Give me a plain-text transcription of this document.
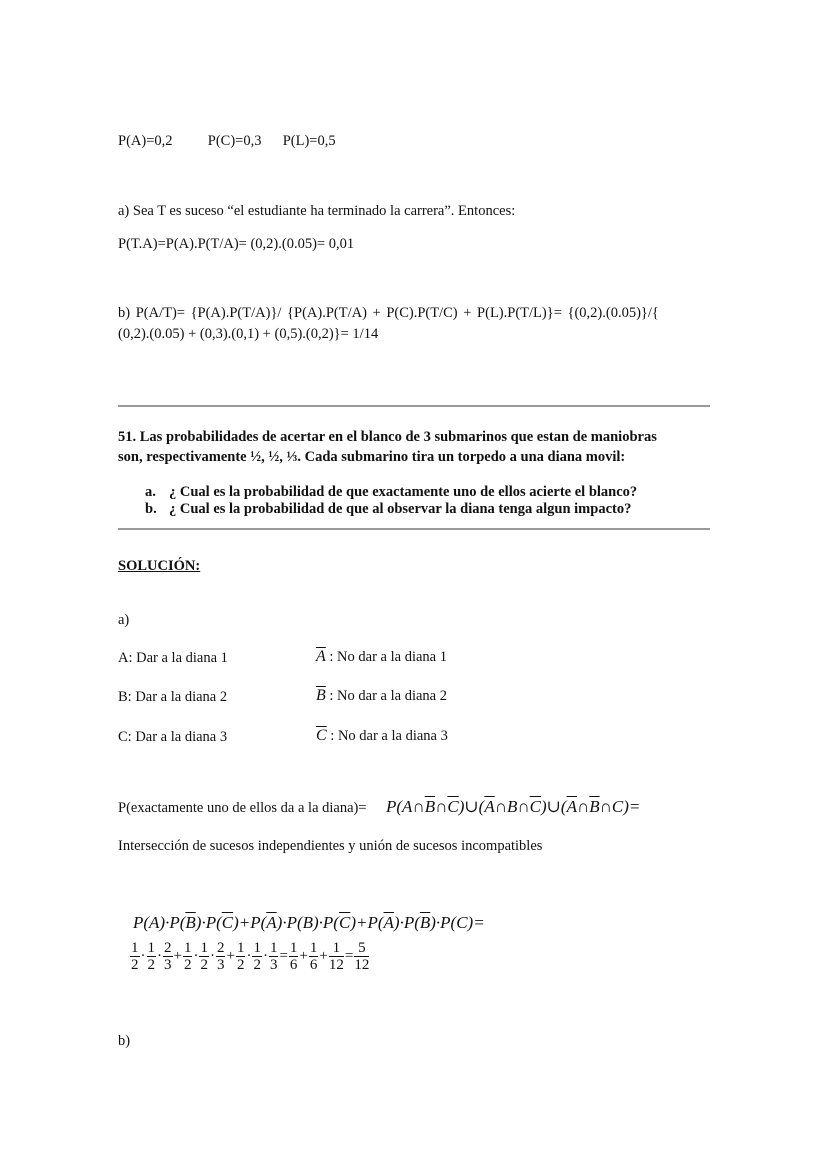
P(A)=0,2 P(C)=0,3 P(L)=0,5
a) Sea T es suceso “el estudiante ha terminado la carrera”. Entonces:
P(T.A)=P(A).P(T/A)= (0,2).(0.05)= 0,01
b) P(A/T)= {P(A).P(T/A)}/ {P(A).P(T/A) + P(C).P(T/C) + P(L).P(T/L)}= {(0,2).(0.05)}/{
(0,2).(0.05) + (0,3).(0,1) + (0,5).(0,2)}= 1/14
51. Las probabilidades de acertar en el blanco de 3 submarinos que estan de maniobras
son, respectivamente ½, ½, ⅓. Cada submarino tira un torpedo a una diana movil:
a. ¿ Cual es la probabilidad de que exactamente uno de ellos acierte el blanco?
b. ¿ Cual es la probabilidad de que al observar la diana tenga algun impacto?
SOLUCIÓN:
a)
A: Dar a la diana 1	$\overline{A}$ : No dar a la diana 1
B: Dar a la diana 2	$\overline{B}$ : No dar a la diana 2
C: Dar a la diana 3	$\overline{C}$ : No dar a la diana 3
P(exactamente uno de ellos da a la diana)= $P(A\cap\overline{B}\cap\overline{C})\cup(\overline{A}\cap B\cap\overline{C})\cup(\overline{A}\cap\overline{B}\cap C)=$
Intersección de sucesos independientes y unión de sucesos incompatibles
$P(A)\cdot P(\overline{B})\cdot P(\overline{C})+P(\overline{A})\cdot P(B)\cdot P(\overline{C})+P(\overline{A})\cdot P(\overline{B})\cdot P(C)=$
$\frac{1}{2} \cdot \frac{1}{2} \cdot \frac{2}{3} + \frac{1}{2} \cdot \frac{1}{2} \cdot \frac{2}{3} + \frac{1}{2} \cdot \frac{1}{2} \cdot \frac{1}{3} = \frac{1}{6} + \frac{1}{6} + \frac{1}{12} = \frac{5}{12}$
b)
